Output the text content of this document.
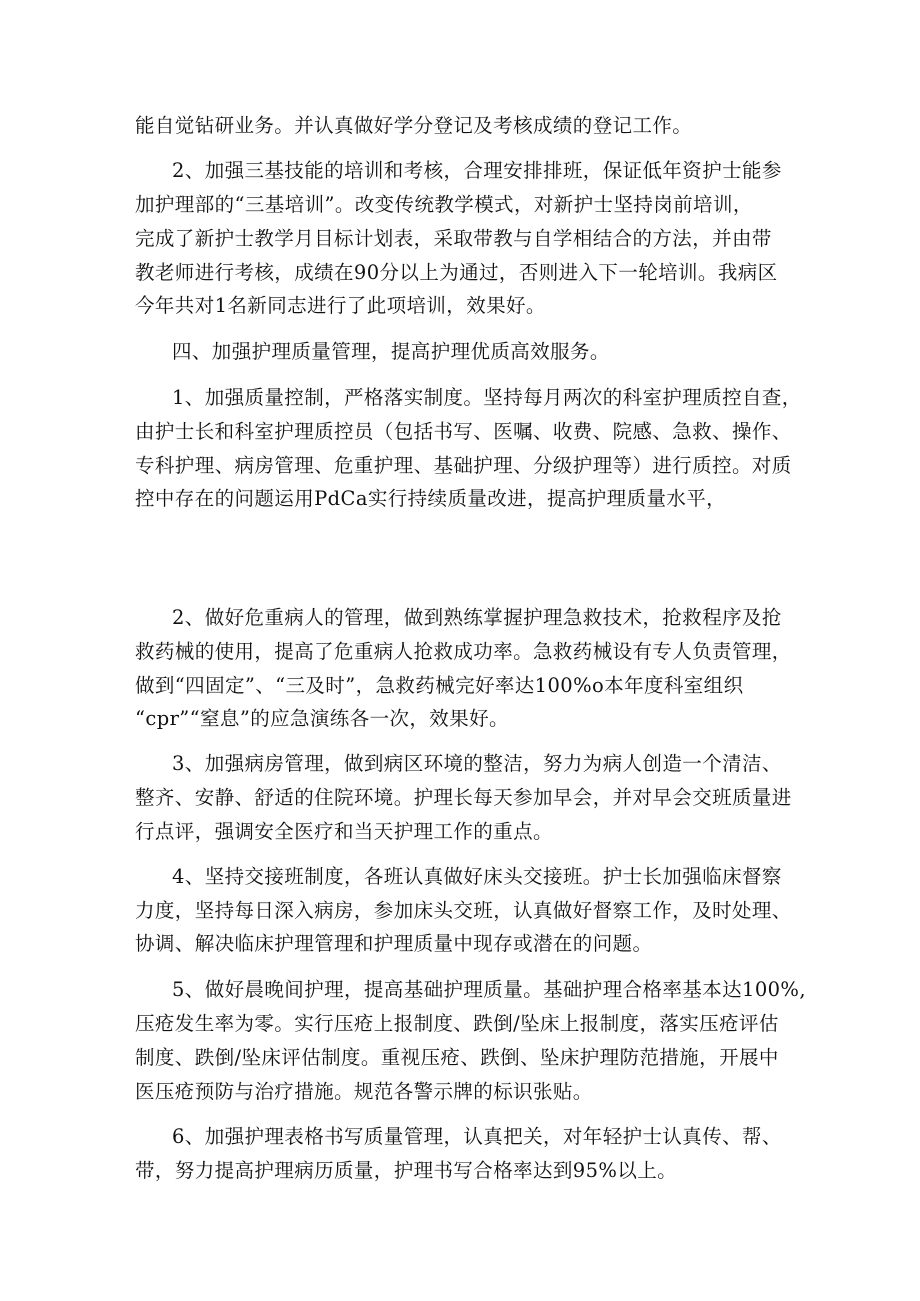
能自觉钻研业务。并认真做好学分登记及考核成绩的登记工作。
2、加强三基技能的培训和考核，合理安排排班，保证低年资护士能参
加护理部的“三基培训”。改变传统教学模式，对新护士坚持岗前培训，
完成了新护士教学月目标计划表，采取带教与自学相结合的方法，并由带
教老师进行考核，成绩在90分以上为通过，否则进入下一轮培训。我病区
今年共对1名新同志进行了此项培训，效果好。
四、加强护理质量管理，提高护理优质高效服务。
1、加强质量控制，严格落实制度。坚持每月两次的科室护理质控自查，
由护士长和科室护理质控员（包括书写、医嘱、收费、院感、急救、操作、
专科护理、病房管理、危重护理、基础护理、分级护理等）进行质控。对质
控中存在的问题运用PdCa实行持续质量改进，提高护理质量水平，
2、做好危重病人的管理，做到熟练掌握护理急救技术，抢救程序及抢
救药械的使用，提高了危重病人抢救成功率。急救药械设有专人负责管理，
做到“四固定”、“三及时”，急救药械完好率达100%o本年度科室组织
“cpr”“窒息”的应急演练各一次，效果好。
3、加强病房管理，做到病区环境的整洁，努力为病人创造一个清洁、
整齐、安静、舒适的住院环境。护理长每天参加早会，并对早会交班质量进
行点评，强调安全医疗和当天护理工作的重点。
4、坚持交接班制度，各班认真做好床头交接班。护士长加强临床督察
力度，坚持每日深入病房，参加床头交班，认真做好督察工作，及时处理、
协调、解决临床护理管理和护理质量中现存或潜在的问题。
5、做好晨晚间护理，提高基础护理质量。基础护理合格率基本达100%,
压疮发生率为零。实行压疮上报制度、跌倒/坠床上报制度，落实压疮评估
制度、跌倒/坠床评估制度。重视压疮、跌倒、坠床护理防范措施，开展中
医压疮预防与治疗措施。规范各警示牌的标识张贴。
6、加强护理表格书写质量管理，认真把关，对年轻护士认真传、帮、
带，努力提高护理病历质量，护理书写合格率达到95%以上。
